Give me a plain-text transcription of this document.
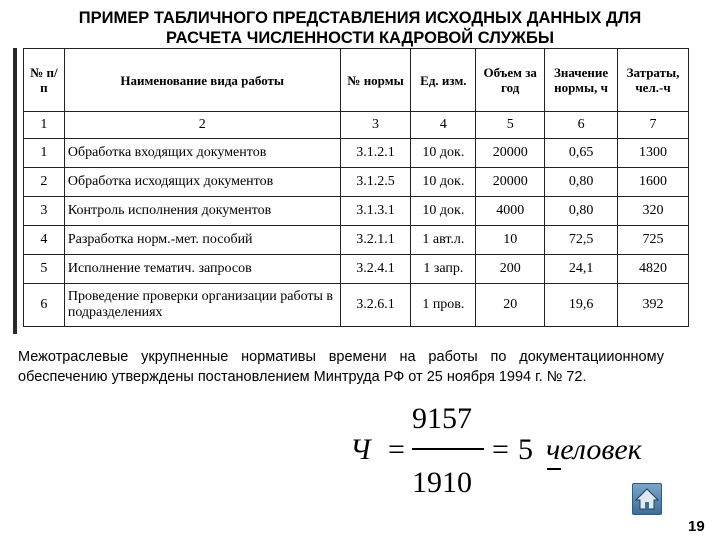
ПРИМЕР ТАБЛИЧНОГО ПРЕДСТАВЛЕНИЯ ИСХОДНЫХ ДАННЫХ ДЛЯ
РАСЧЕТА ЧИСЛЕННОСТИ КАДРОВОЙ СЛУЖБЫ
№ п/п	Наименование вида работы	№ нормы	Ед. изм.	Объем за год	Значение нормы, ч	Затраты, чел.-ч
1	2	3	4	5	6	7
1	Обработка входящих документов	3.1.2.1	10 док.	20000	0,65	1300
2	Обработка исходящих документов	3.1.2.5	10 док.	20000	0,80	1600
3	Контроль исполнения документов	3.1.3.1	10 док.	4000	0,80	320
4	Разработка норм.-мет. пособий	3.2.1.1	1 авт.л.	10	72,5	725
5	Исполнение тематич. запросов	3.2.4.1	1 запр.	200	24,1	4820
6	Проведение проверки организации работы в подразделениях	3.2.6.1	1 пров.	20	19,6	392
Межотраслевые укрупненные нормативы времени на работы по документациионному обеспечению утверждены постановлением Минтруда РФ от 25 ноября 1994 г. № 72.
Ч =
9157
1910
= 5 человек
19
